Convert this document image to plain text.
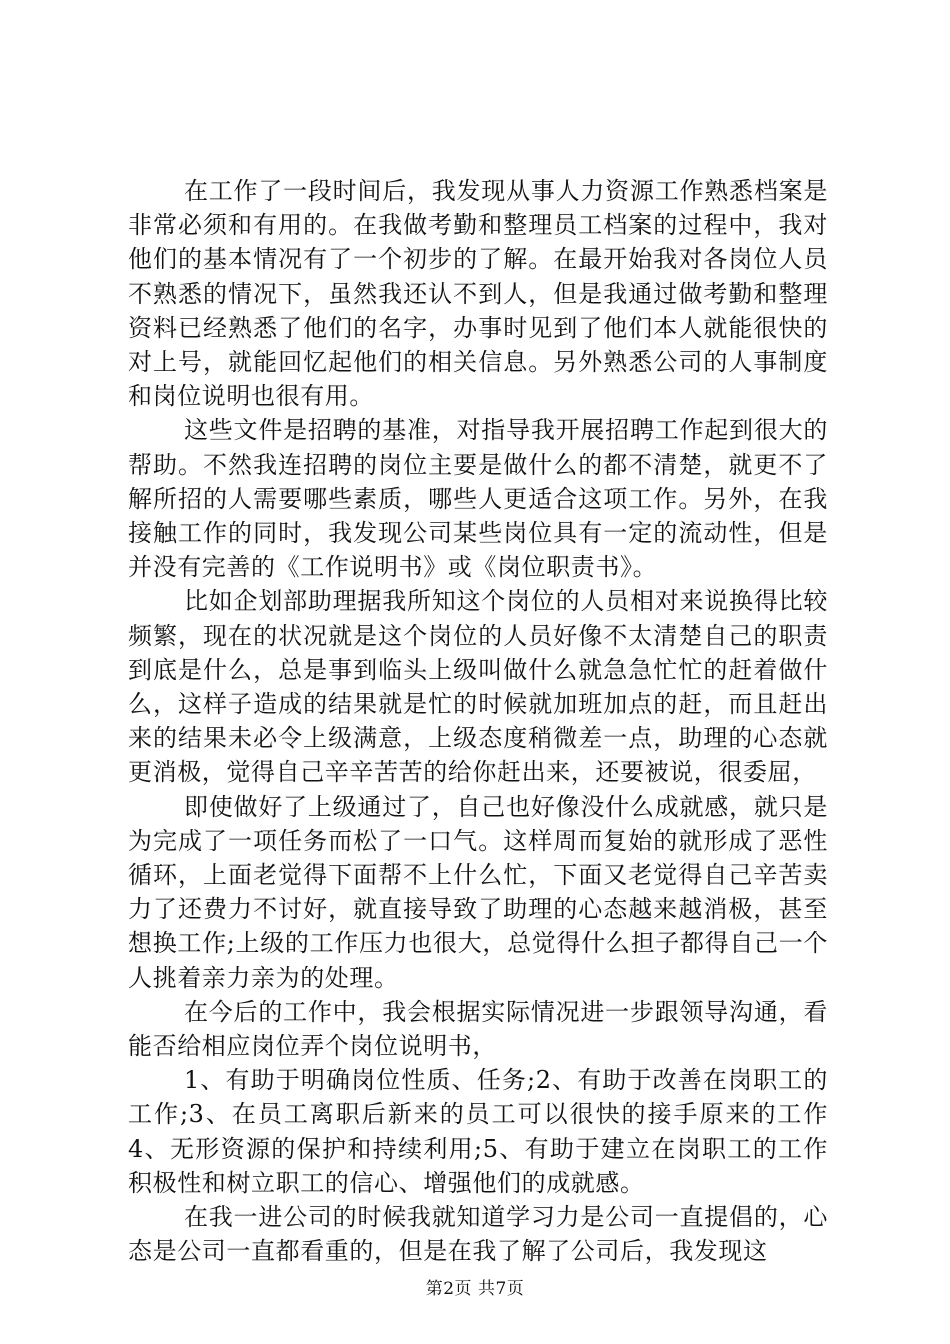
在工作了一段时间后，我发现从事人力资源工作熟悉档案是非常必须和有用的。在我做考勤和整理员工档案的过程中，我对他们的基本情况有了一个初步的了解。在最开始我对各岗位人员不熟悉的情况下，虽然我还认不到人，但是我通过做考勤和整理资料已经熟悉了他们的名字，办事时见到了他们本人就能很快的对上号，就能回忆起他们的相关信息。另外熟悉公司的人事制度和岗位说明也很有用。

这些文件是招聘的基准，对指导我开展招聘工作起到很大的帮助。不然我连招聘的岗位主要是做什么的都不清楚，就更不了解所招的人需要哪些素质，哪些人更适合这项工作。另外，在我接触工作的同时，我发现公司某些岗位具有一定的流动性，但是并没有完善的《工作说明书》或《岗位职责书》。

比如企划部助理据我所知这个岗位的人员相对来说换得比较频繁，现在的状况就是这个岗位的人员好像不太清楚自己的职责到底是什么，总是事到临头上级叫做什么就急急忙忙的赶着做什么，这样子造成的结果就是忙的时候就加班加点的赶，而且赶出来的结果未必令上级满意，上级态度稍微差一点，助理的心态就更消极，觉得自己辛辛苦苦的给你赶出来，还要被说，很委屈，

即使做好了上级通过了，自己也好像没什么成就感，就只是为完成了一项任务而松了一口气。这样周而复始的就形成了恶性循环，上面老觉得下面帮不上什么忙，下面又老觉得自己辛苦卖力了还费力不讨好，就直接导致了助理的心态越来越消极，甚至想换工作;上级的工作压力也很大，总觉得什么担子都得自己一个人挑着亲力亲为的处理。

在今后的工作中，我会根据实际情况进一步跟领导沟通，看能否给相应岗位弄个岗位说明书，

1、有助于明确岗位性质、任务;2、有助于改善在岗职工的工作;3、在员工离职后新来的员工可以很快的接手原来的工作4、无形资源的保护和持续利用;5、有助于建立在岗职工的工作积极性和树立职工的信心、增强他们的成就感。

在我一进公司的时候我就知道学习力是公司一直提倡的，心态是公司一直都看重的，但是在我了解了公司后，我发现这

第2页 共7页
